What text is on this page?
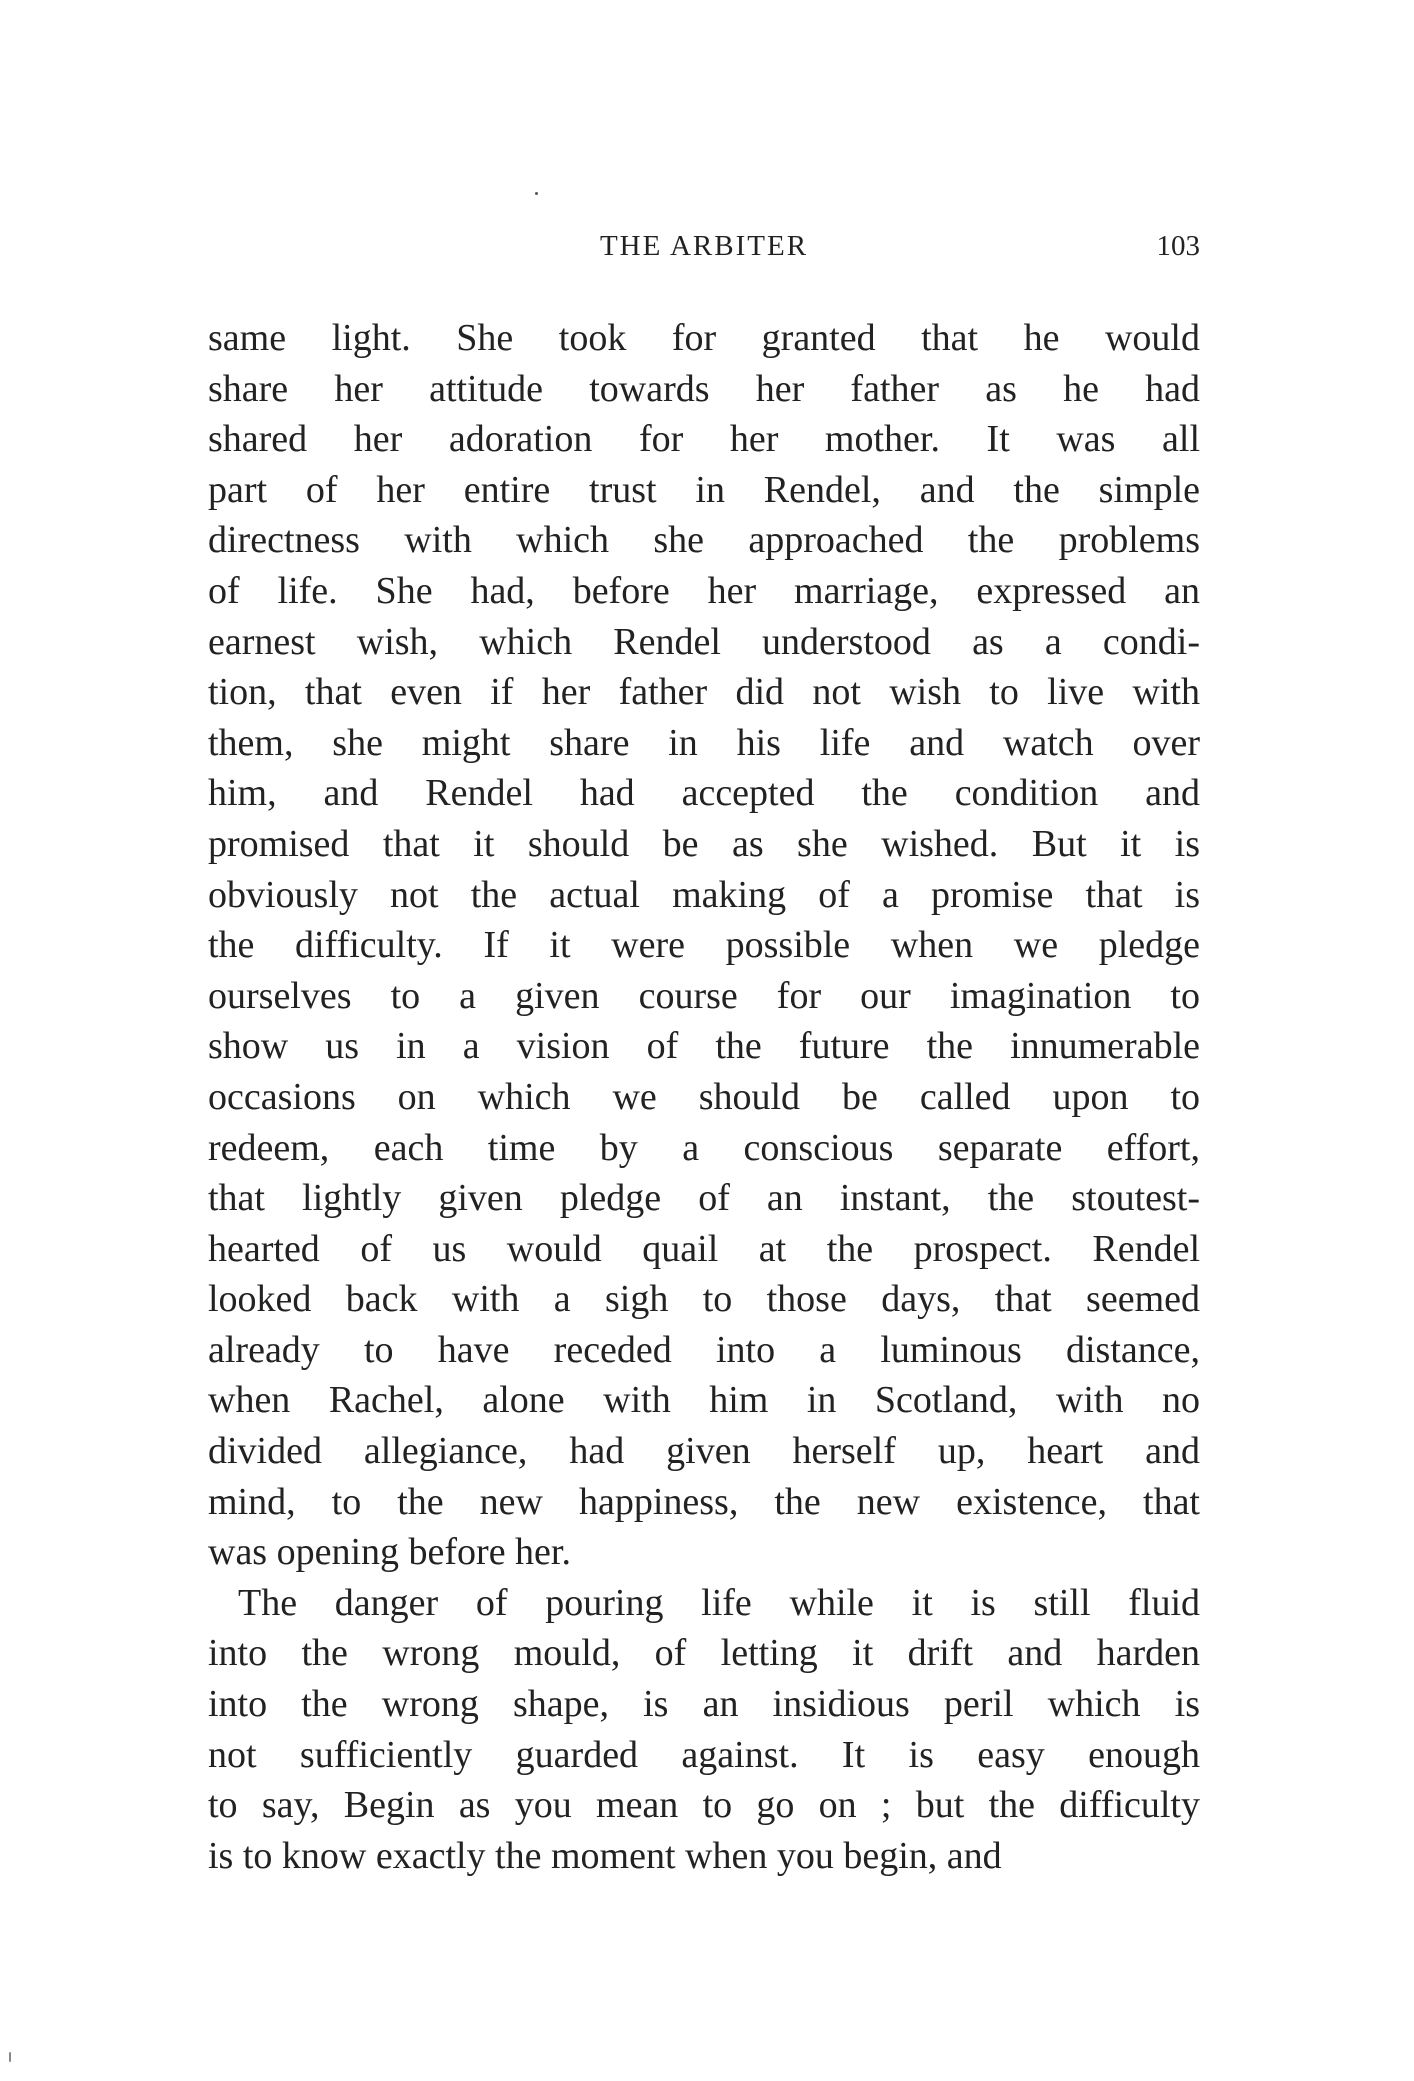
THE ARBITER	103
same light. She took for granted that he would
share her attitude towards her father as he had
shared her adoration for her mother. It was all
part of her entire trust in Rendel, and the simple
directness with which she approached the problems
of life. She had, before her marriage, expressed an
earnest wish, which Rendel understood as a condi-
tion, that even if her father did not wish to live with
them, she might share in his life and watch over
him, and Rendel had accepted the condition and
promised that it should be as she wished. But it is
obviously not the actual making of a promise that is
the difficulty. If it were possible when we pledge
ourselves to a given course for our imagination to
show us in a vision of the future the innumerable
occasions on which we should be called upon to
redeem, each time by a conscious separate effort,
that lightly given pledge of an instant, the stoutest-
hearted of us would quail at the prospect. Rendel
looked back with a sigh to those days, that seemed
already to have receded into a luminous distance,
when Rachel, alone with him in Scotland, with no
divided allegiance, had given herself up, heart and
mind, to the new happiness, the new existence, that
was opening before her.
The danger of pouring life while it is still fluid
into the wrong mould, of letting it drift and harden
into the wrong shape, is an insidious peril which is
not sufficiently guarded against. It is easy enough
to say, Begin as you mean to go on ; but the difficulty
is to know exactly the moment when you begin, and
